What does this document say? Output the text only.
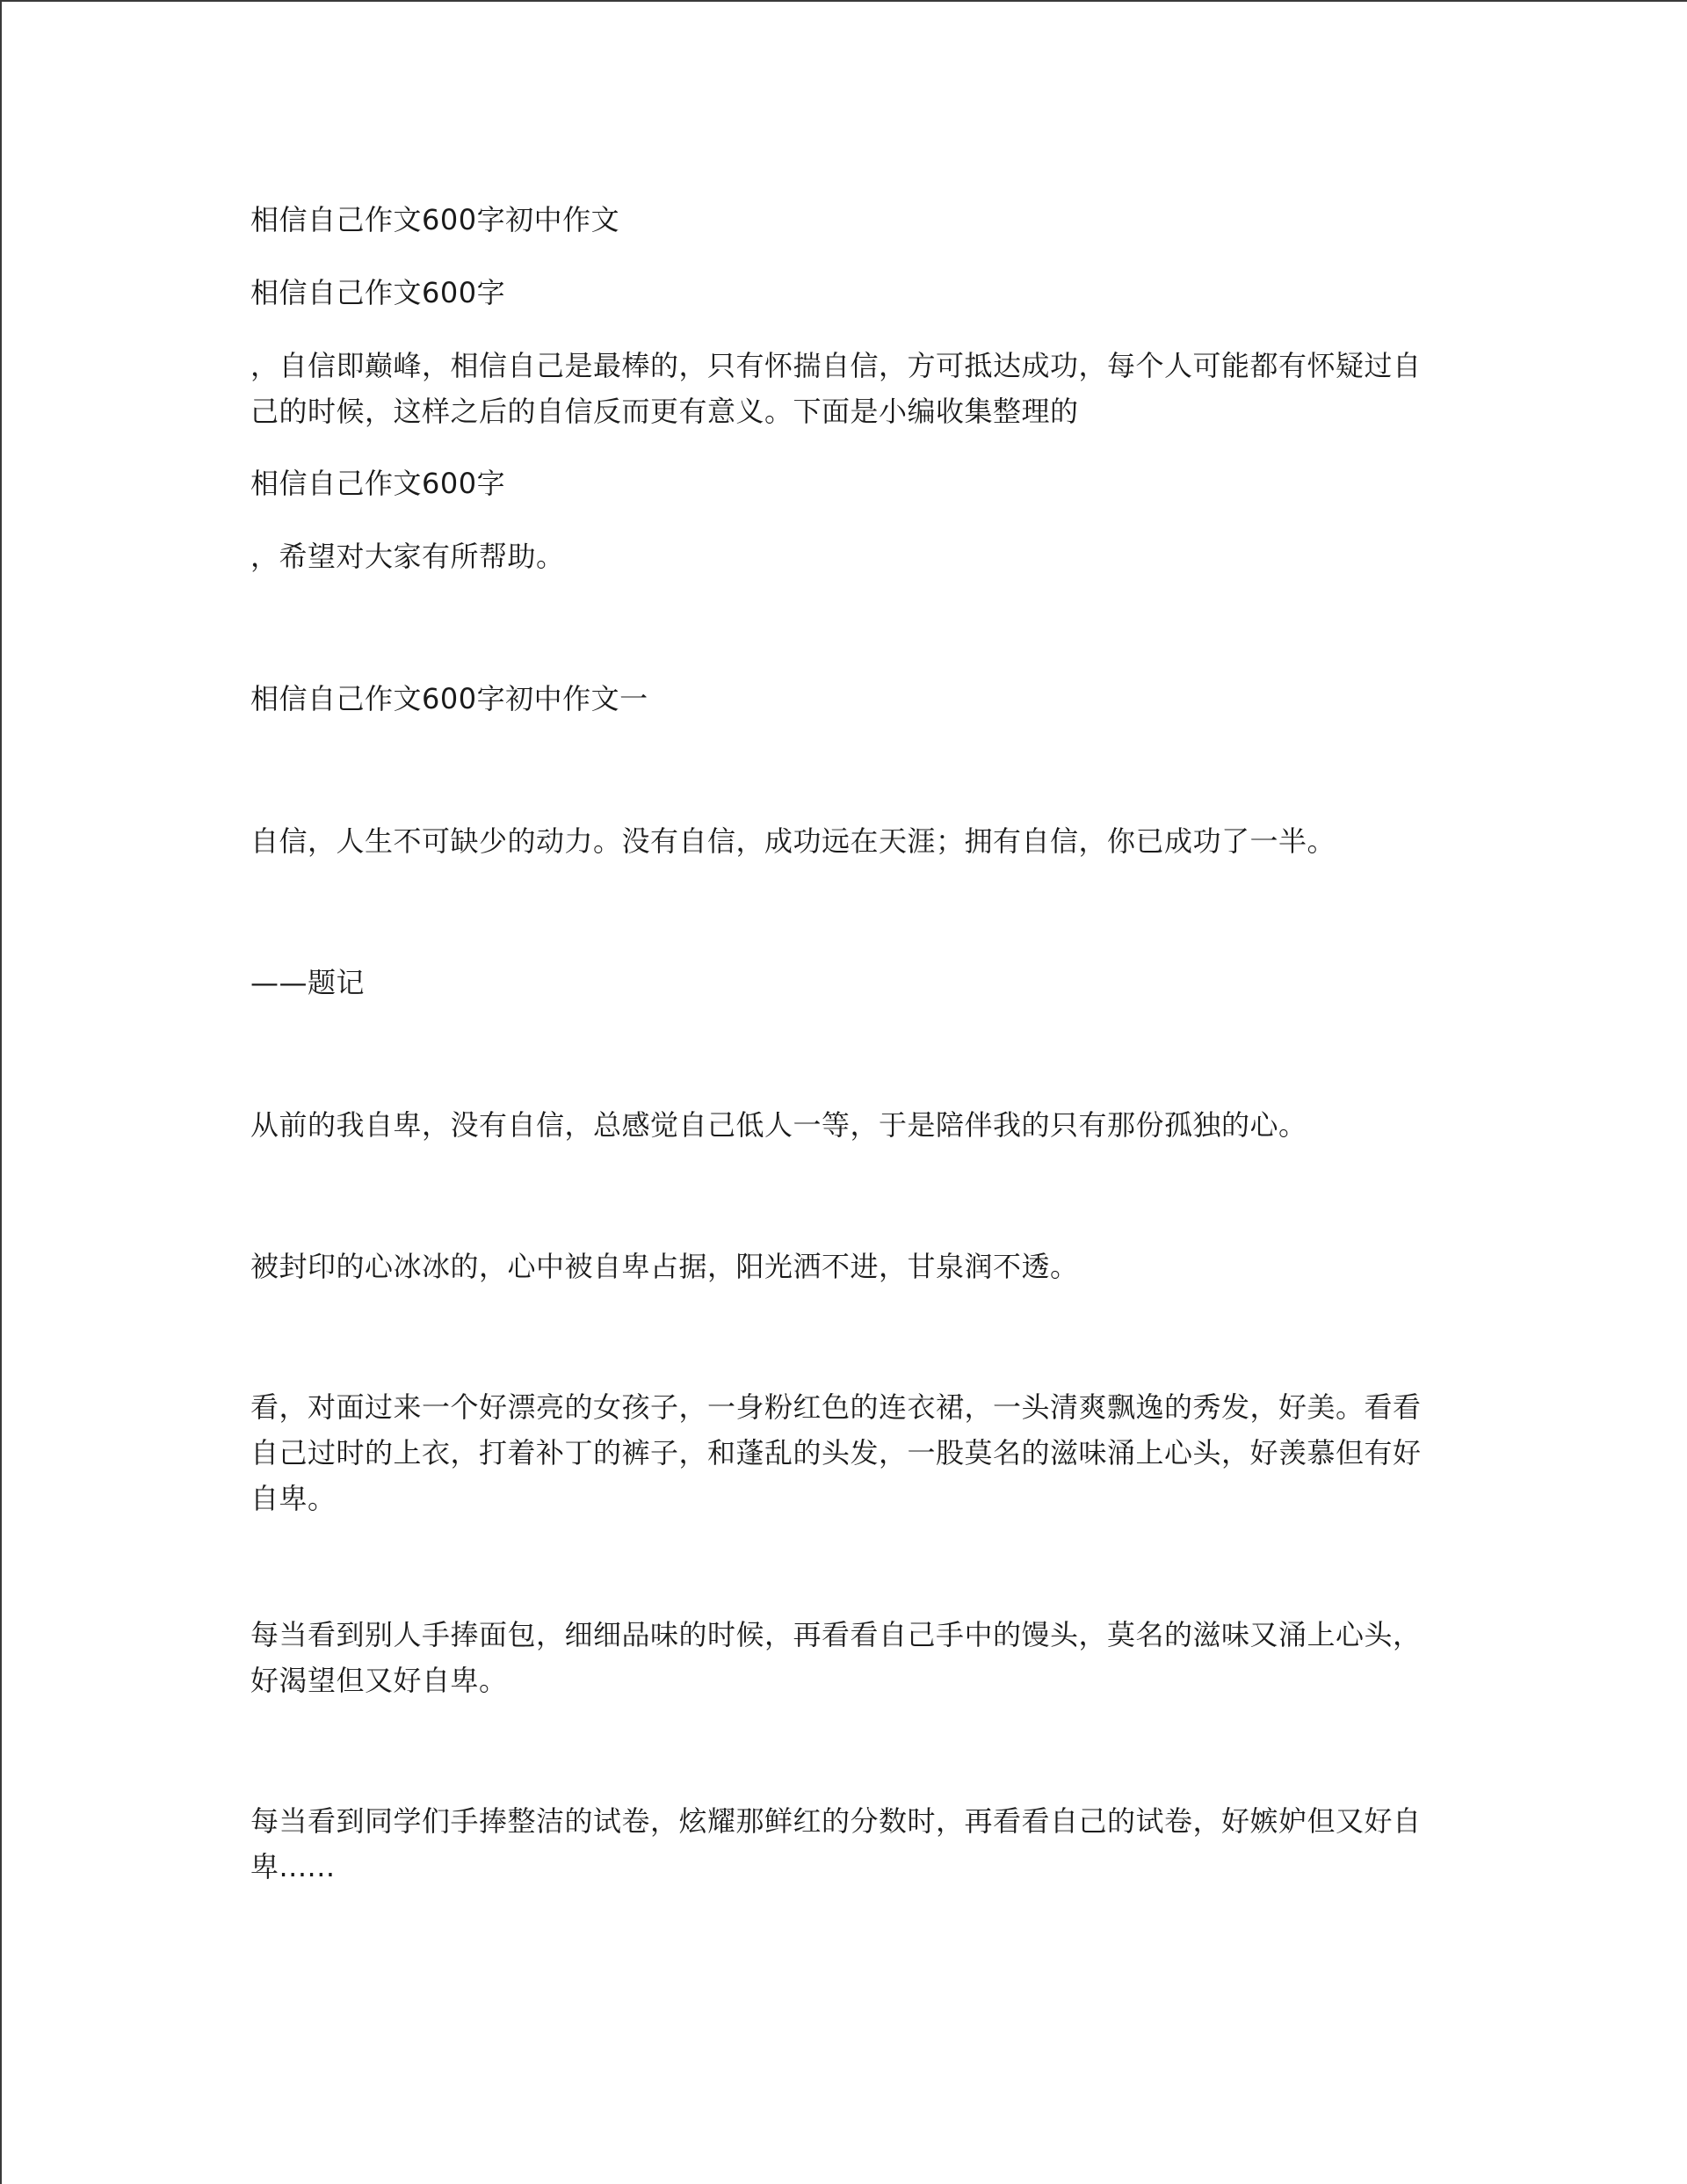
相信自己作文600字初中作文
相信自己作文600字
，自信即巅峰，相信自己是最棒的，只有怀揣自信，方可抵达成功，每个人可能都有怀疑过自己的时候，这样之后的自信反而更有意义。下面是小编收集整理的
相信自己作文600字
，希望对大家有所帮助。
相信自己作文600字初中作文一
自信，人生不可缺少的动力。没有自信，成功远在天涯；拥有自信，你已成功了一半。
——题记
从前的我自卑，没有自信，总感觉自己低人一等，于是陪伴我的只有那份孤独的心。
被封印的心冰冰的，心中被自卑占据，阳光洒不进，甘泉润不透。
看，对面过来一个好漂亮的女孩子，一身粉红色的连衣裙，一头清爽飘逸的秀发，好美。看看自己过时的上衣，打着补丁的裤子，和蓬乱的头发，一股莫名的滋味涌上心头，好羡慕但有好自卑。
每当看到别人手捧面包，细细品味的时候，再看看自己手中的馒头，莫名的滋味又涌上心头，好渴望但又好自卑。
每当看到同学们手捧整洁的试卷，炫耀那鲜红的分数时，再看看自己的试卷，好嫉妒但又好自卑......
